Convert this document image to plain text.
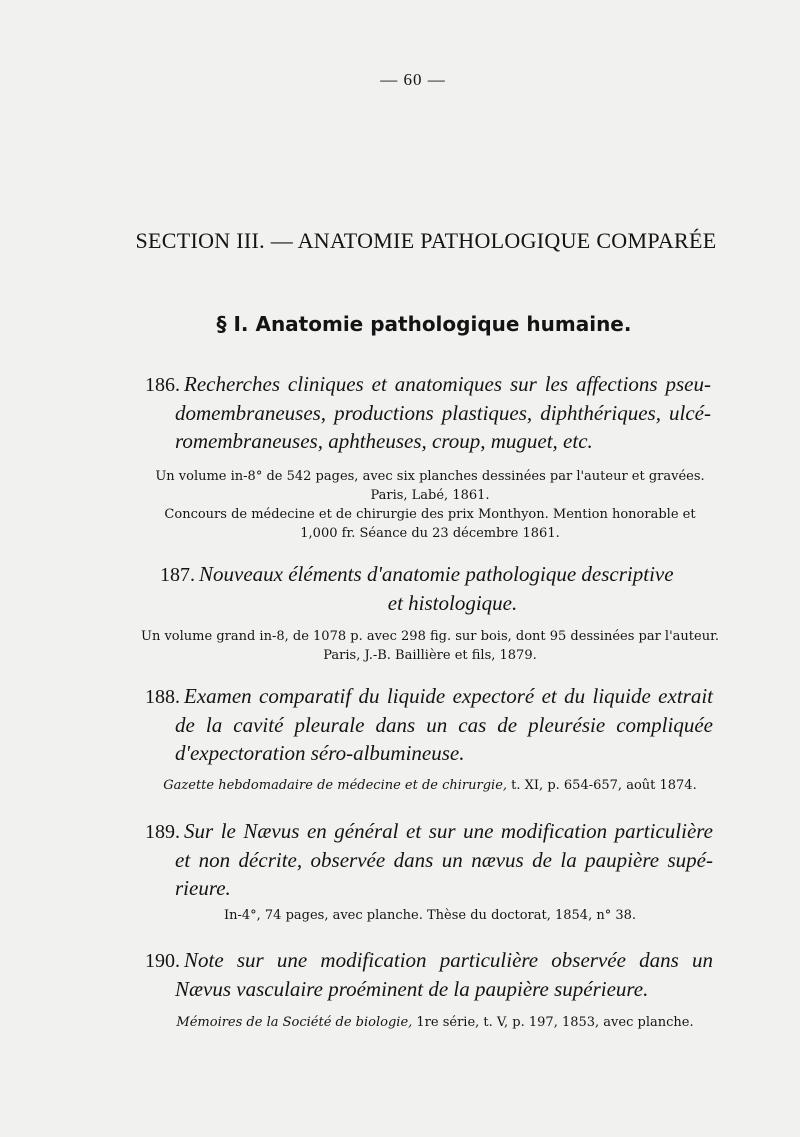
— 60 —
SECTION III. — ANATOMIE PATHOLOGIQUE COMPARÉE
§ I. Anatomie pathologique humaine.
186. Recherches cliniques et anatomiques sur les affections pseu-
domembraneuses, productions plastiques, diphthériques, ulcé-
romembraneuses, aphtheuses, croup, muguet, etc.
Un volume in-8° de 542 pages, avec six planches dessinées par l'auteur et gravées.
Paris, Labé, 1861.
Concours de médecine et de chirurgie des prix Monthyon. Mention honorable et
1,000 fr. Séance du 23 décembre 1861.
187. Nouveaux éléments d'anatomie pathologique descriptive
et histologique.
Un volume grand in-8, de 1078 p. avec 298 fig. sur bois, dont 95 dessinées par l'auteur.
Paris, J.-B. Baillière et fils, 1879.
188. Examen comparatif du liquide expectoré et du liquide extrait
de la cavité pleurale dans un cas de pleurésie compliquée
d'expectoration séro-albumineuse.
Gazette hebdomadaire de médecine et de chirurgie, t. XI, p. 654-657, août 1874.
189. Sur le Nævus en général et sur une modification particulière
et non décrite, observée dans un nævus de la paupière supé-
rieure.
In-4°, 74 pages, avec planche. Thèse du doctorat, 1854, n° 38.
190. Note sur une modification particulière observée dans un
Nævus vasculaire proéminent de la paupière supérieure.
Mémoires de la Société de biologie, 1re série, t. V, p. 197, 1853, avec planche.
